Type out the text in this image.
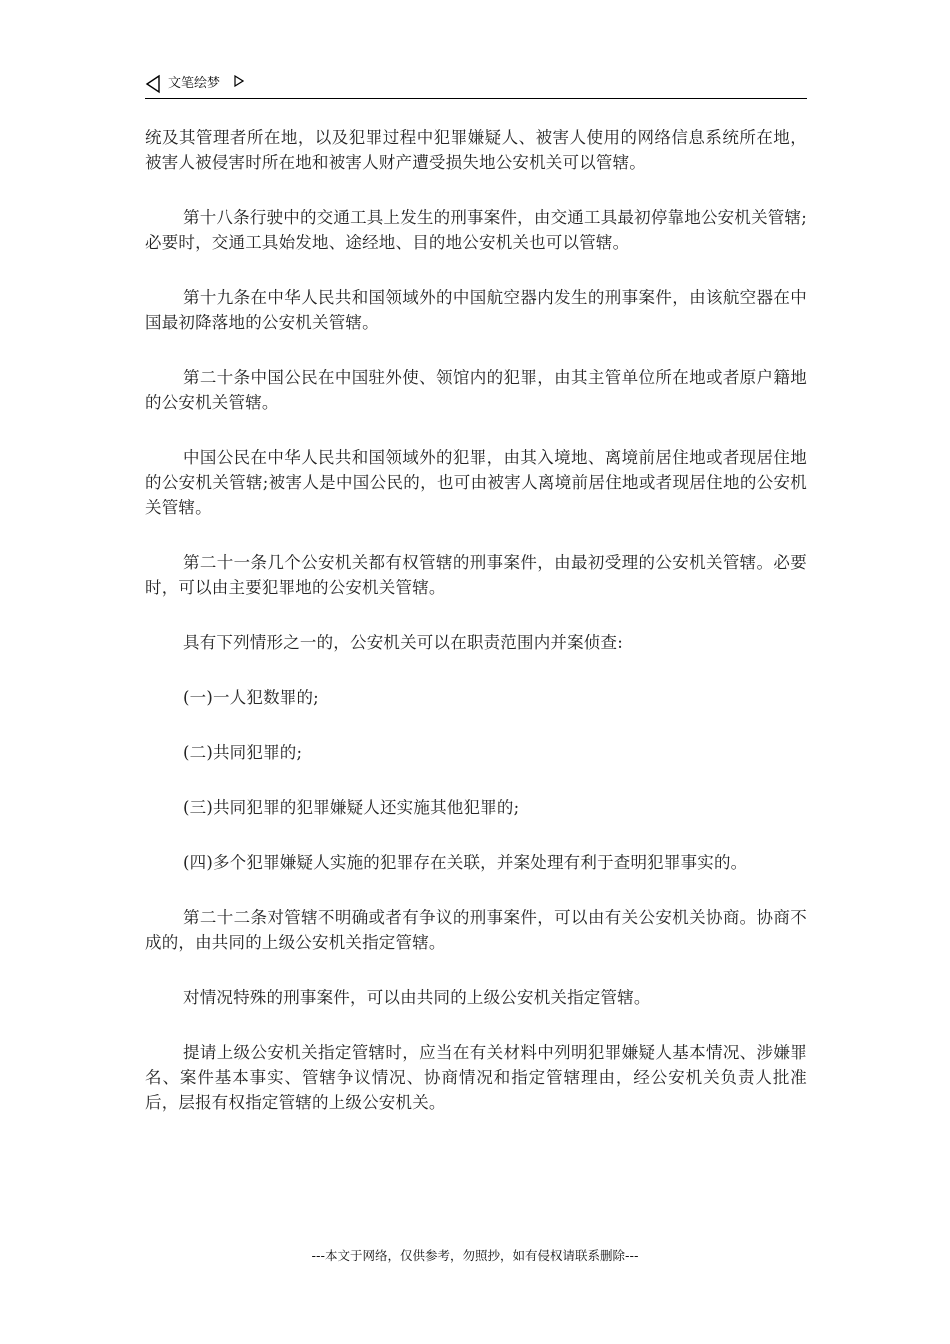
文笔绘梦

统及其管理者所在地，以及犯罪过程中犯罪嫌疑人、被害人使用的网络信息系统所在地，被害人被侵害时所在地和被害人财产遭受损失地公安机关可以管辖。

第十八条行驶中的交通工具上发生的刑事案件，由交通工具最初停靠地公安机关管辖;必要时，交通工具始发地、途经地、目的地公安机关也可以管辖。

第十九条在中华人民共和国领域外的中国航空器内发生的刑事案件，由该航空器在中国最初降落地的公安机关管辖。

第二十条中国公民在中国驻外使、领馆内的犯罪，由其主管单位所在地或者原户籍地的公安机关管辖。

中国公民在中华人民共和国领域外的犯罪，由其入境地、离境前居住地或者现居住地的公安机关管辖;被害人是中国公民的，也可由被害人离境前居住地或者现居住地的公安机关管辖。

第二十一条几个公安机关都有权管辖的刑事案件，由最初受理的公安机关管辖。必要时，可以由主要犯罪地的公安机关管辖。

具有下列情形之一的，公安机关可以在职责范围内并案侦查:

(一)一人犯数罪的;

(二)共同犯罪的;

(三)共同犯罪的犯罪嫌疑人还实施其他犯罪的;

(四)多个犯罪嫌疑人实施的犯罪存在关联，并案处理有利于查明犯罪事实的。

第二十二条对管辖不明确或者有争议的刑事案件，可以由有关公安机关协商。协商不成的，由共同的上级公安机关指定管辖。

对情况特殊的刑事案件，可以由共同的上级公安机关指定管辖。

提请上级公安机关指定管辖时，应当在有关材料中列明犯罪嫌疑人基本情况、涉嫌罪名、案件基本事实、管辖争议情况、协商情况和指定管辖理由，经公安机关负责人批准后，层报有权指定管辖的上级公安机关。

---本文于网络，仅供参考，勿照抄，如有侵权请联系删除---
